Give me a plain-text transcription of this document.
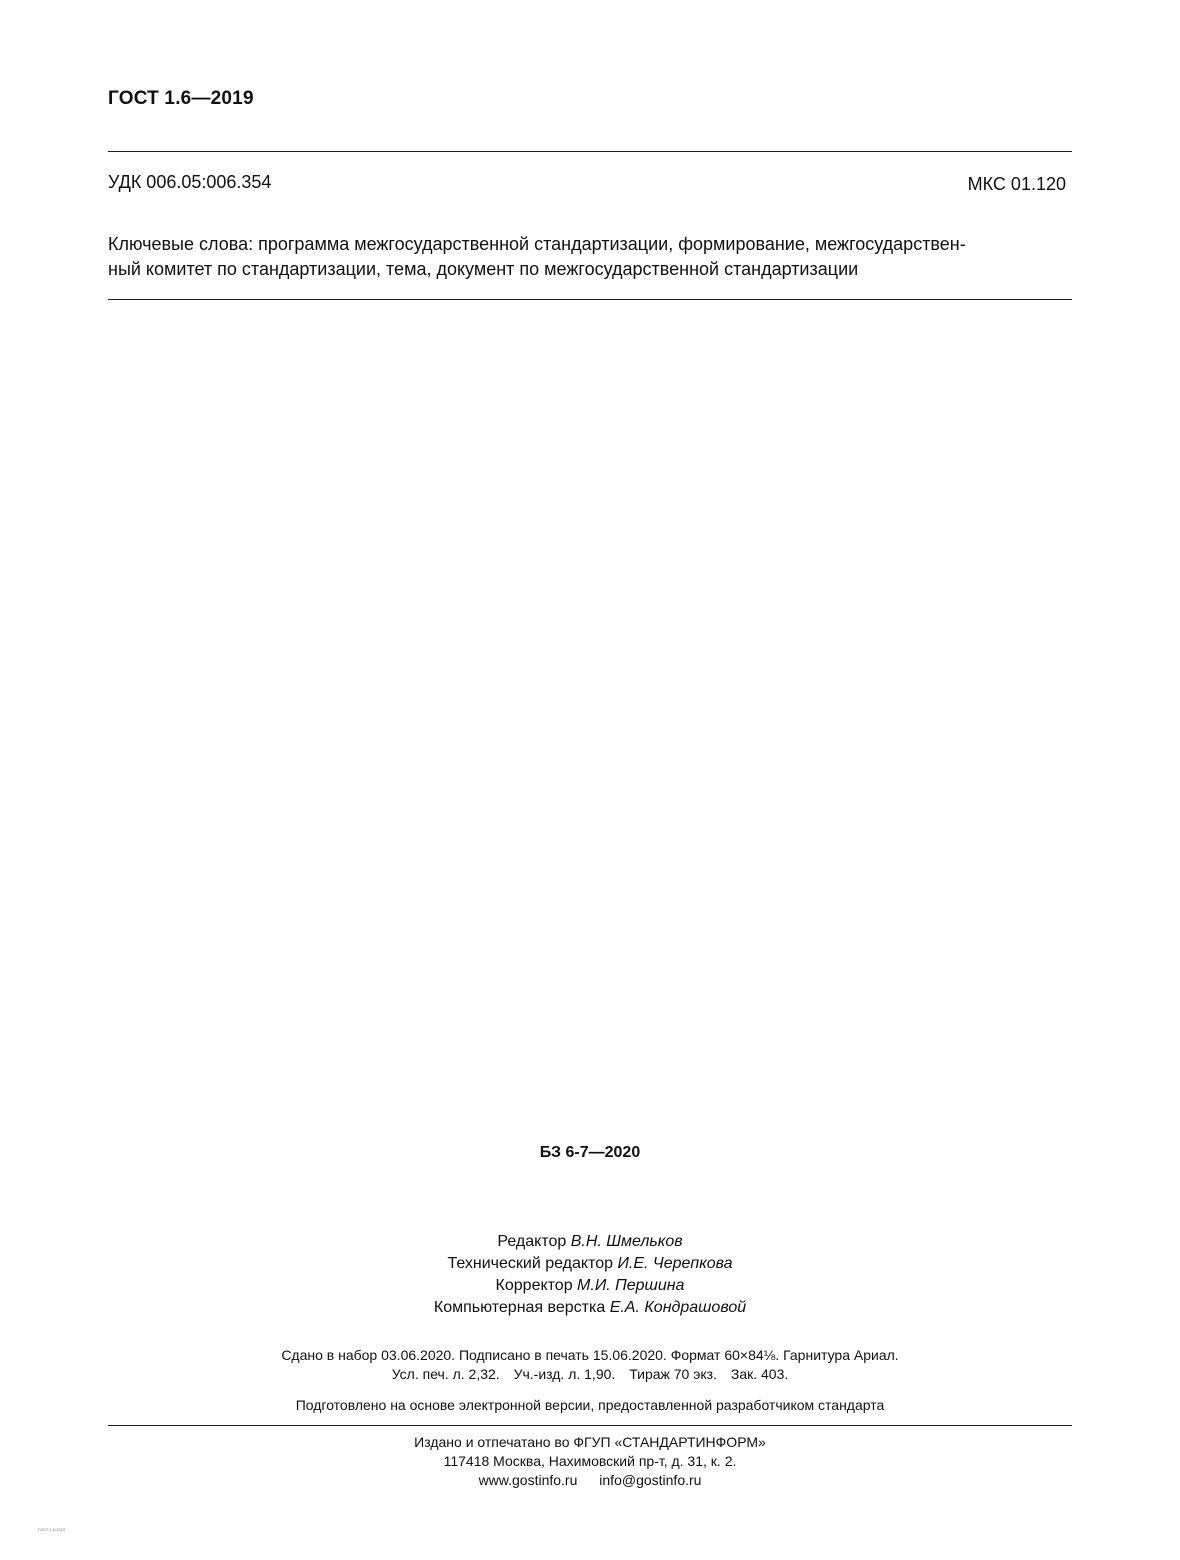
ГОСТ 1.6—2019
УДК 006.05:006.354	МКС 01.120
Ключевые слова: программа межгосударственной стандартизации, формирование, межгосударствен-
ный комитет по стандартизации, тема, документ по межгосударственной стандартизации
БЗ 6-7—2020
Редактор В.Н. Шмельков
Технический редактор И.Е. Черепкова
Корректор М.И. Першина
Компьютерная верстка Е.А. Кондрашовой
Сдано в набор 03.06.2020. Подписано в печать 15.06.2020. Формат 60×84⅛. Гарнитура Ариал.
Усл. печ. л. 2,32. Уч.-изд. л. 1,90. Тираж 70 экз. Зак. 403.
Подготовлено на основе электронной версии, предоставленной разработчиком стандарта
Издано и отпечатано во ФГУП «СТАНДАРТИНФОРМ»
117418 Москва, Нахимовский пр-т, д. 31, к. 2.
www.gostinfo.ru info@gostinfo.ru
ГОСТ 1.6-2019
